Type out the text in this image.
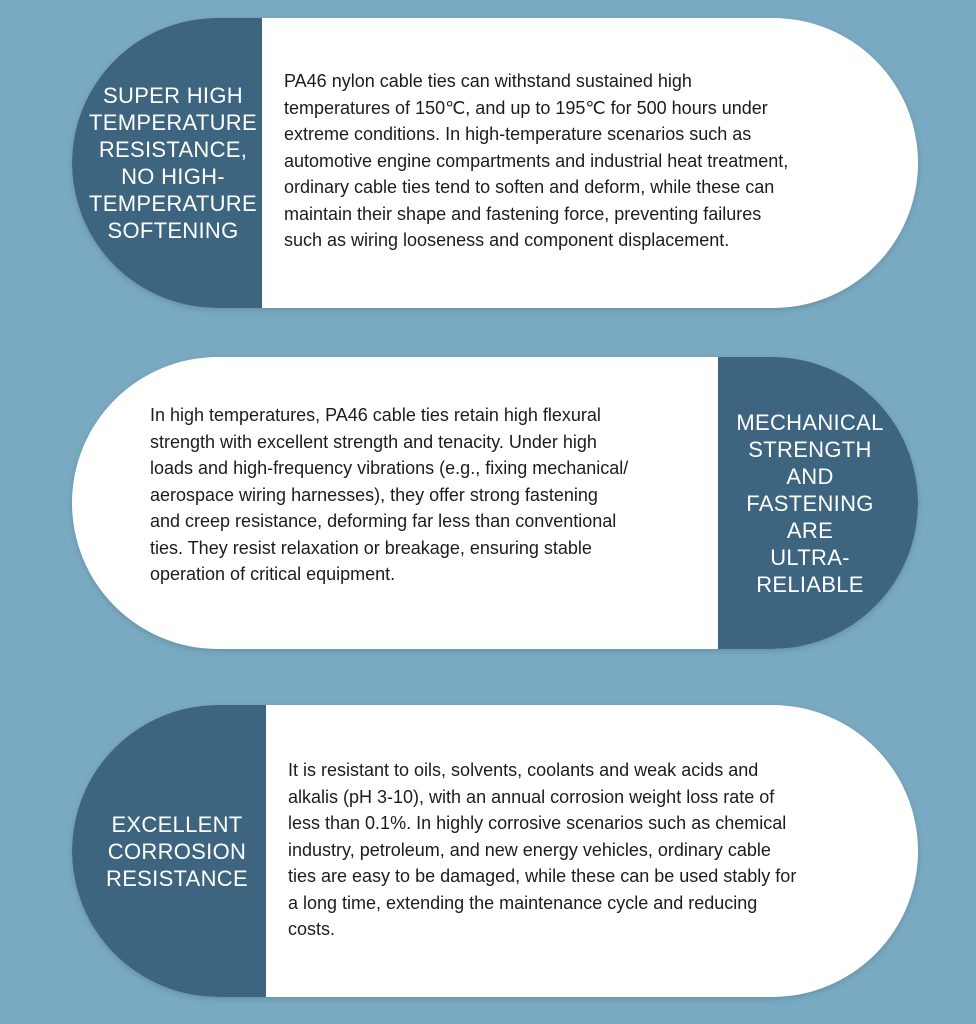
SUPER HIGH
TEMPERATURE
RESISTANCE,
NO HIGH-
TEMPERATURE
SOFTENING

PA46 nylon cable ties can withstand sustained high
temperatures of 150℃, and up to 195℃ for 500 hours under
extreme conditions. In high-temperature scenarios such as
automotive engine compartments and industrial heat treatment,
ordinary cable ties tend to soften and deform, while these can
maintain their shape and fastening force, preventing failures
such as wiring looseness and component displacement.

MECHANICAL
STRENGTH AND
FASTENING
ARE
ULTRA-RELIABLE

In high temperatures, PA46 cable ties retain high flexural
strength with excellent strength and tenacity. Under high
loads and high-frequency vibrations (e.g., fixing mechanical/
aerospace wiring harnesses), they offer strong fastening
and creep resistance, deforming far less than conventional
ties. They resist relaxation or breakage, ensuring stable
operation of critical equipment.

EXCELLENT
CORROSION
RESISTANCE

It is resistant to oils, solvents, coolants and weak acids and
alkalis (pH 3-10), with an annual corrosion weight loss rate of
less than 0.1%. In highly corrosive scenarios such as chemical
industry, petroleum, and new energy vehicles, ordinary cable
ties are easy to be damaged, while these can be used stably for
a long time, extending the maintenance cycle and reducing
costs.
